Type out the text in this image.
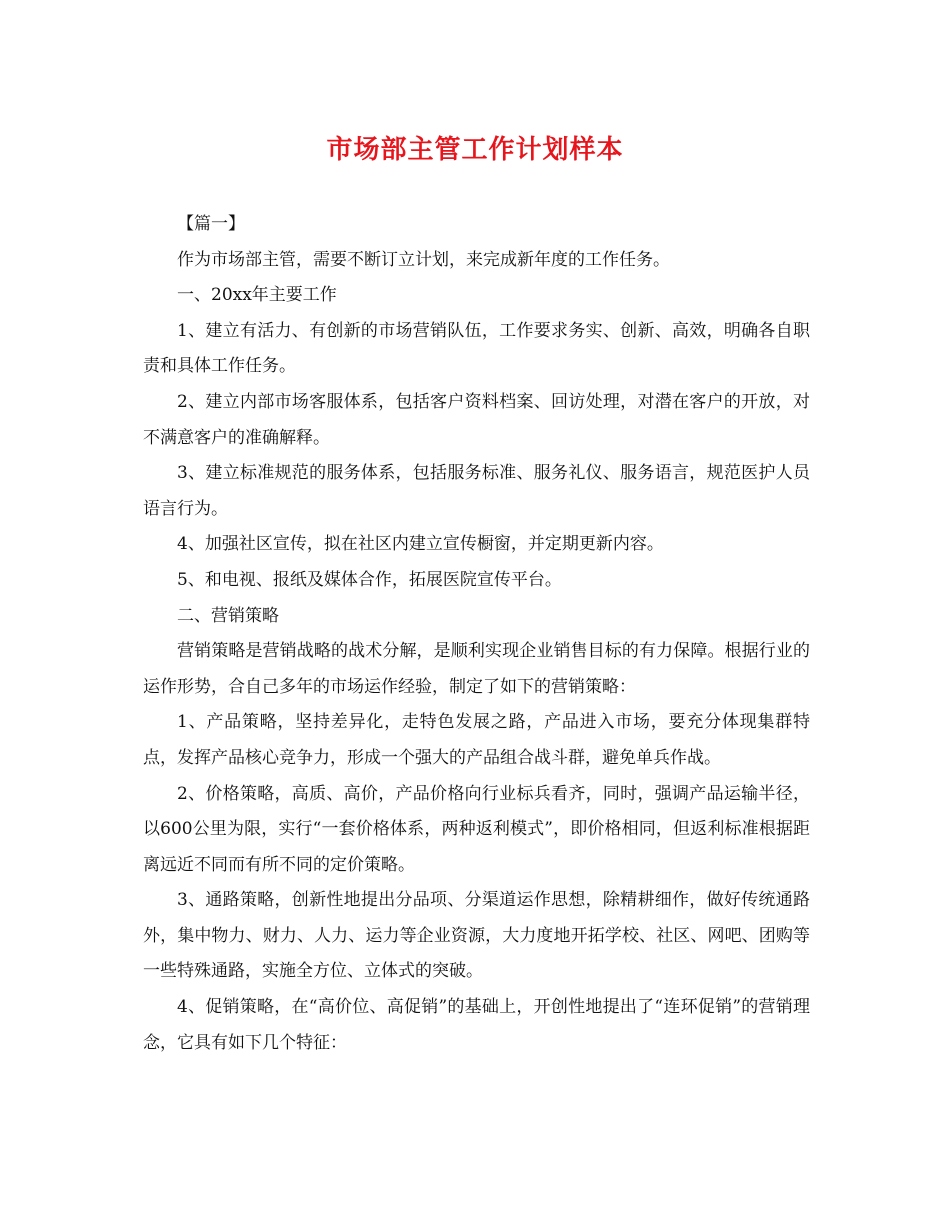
市场部主管工作计划样本

【篇一】

作为市场部主管，需要不断订立计划，来完成新年度的工作任务。

一、20xx年主要工作

1、建立有活力、有创新的市场营销队伍，工作要求务实、创新、高效，明确各自职责和具体工作任务。

2、建立内部市场客服体系，包括客户资料档案、回访处理，对潜在客户的开放，对不满意客户的准确解释。

3、建立标准规范的服务体系，包括服务标准、服务礼仪、服务语言，规范医护人员语言行为。

4、加强社区宣传，拟在社区内建立宣传橱窗，并定期更新内容。

5、和电视、报纸及媒体合作，拓展医院宣传平台。

二、营销策略

营销策略是营销战略的战术分解，是顺利实现企业销售目标的有力保障。根据行业的运作形势，合自己多年的市场运作经验，制定了如下的营销策略：

1、产品策略，坚持差异化，走特色发展之路，产品进入市场，要充分体现集群特点，发挥产品核心竞争力，形成一个强大的产品组合战斗群，避免单兵作战。

2、价格策略，高质、高价，产品价格向行业标兵看齐，同时，强调产品运输半径，以600公里为限，实行“一套价格体系，两种返利模式”，即价格相同，但返利标准根据距离远近不同而有所不同的定价策略。

3、通路策略，创新性地提出分品项、分渠道运作思想，除精耕细作，做好传统通路外，集中物力、财力、人力、运力等企业资源，大力度地开拓学校、社区、网吧、团购等一些特殊通路，实施全方位、立体式的突破。

4、促销策略，在“高价位、高促销”的基础上，开创性地提出了“连环促销”的营销理念，它具有如下几个特征：
